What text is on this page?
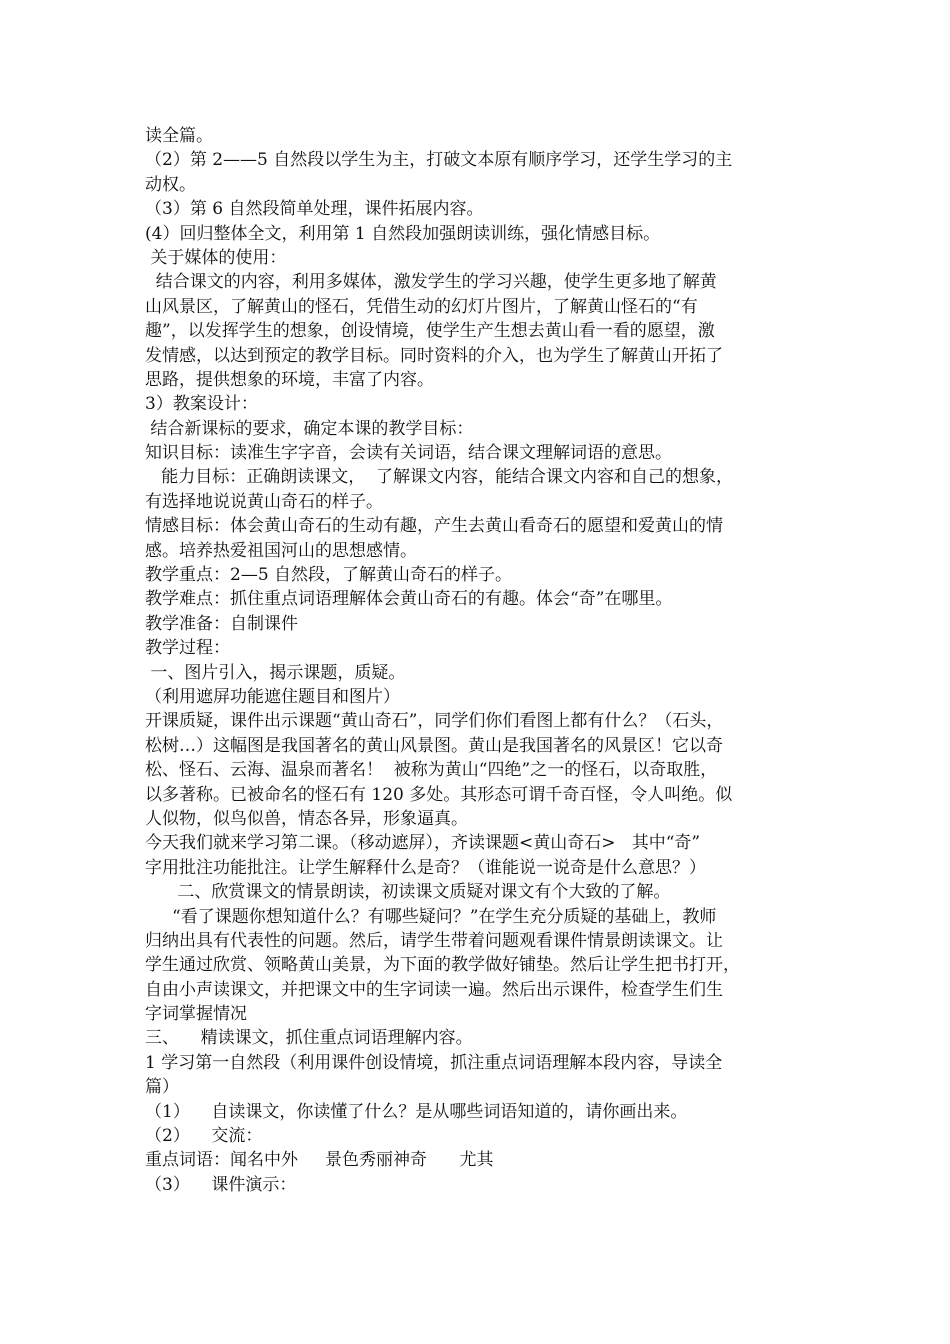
读全篇。
（2）第 2——5 自然段以学生为主，打破文本原有顺序学习，还学生学习的主
动权。
（3）第 6 自然段简单处理，课件拓展内容。
(4）回归整体全文，利用第 1 自然段加强朗读训练，强化情感目标。
关于媒体的使用：
结合课文的内容，利用多媒体，激发学生的学习兴趣，使学生更多地了解黄
山风景区，了解黄山的怪石，凭借生动的幻灯片图片，了解黄山怪石的“有
趣”，以发挥学生的想象，创设情境，使学生产生想去黄山看一看的愿望，激
发情感，以达到预定的教学目标。同时资料的介入，也为学生了解黄山开拓了
思路，提供想象的环境，丰富了内容。
3）教案设计：
结合新课标的要求，确定本课的教学目标：
知识目标：读准生字字音，会读有关词语，结合课文理解词语的意思。
能力目标：正确朗读课文，  了解课文内容，能结合课文内容和自己的想象，
有选择地说说黄山奇石的样子。
情感目标：体会黄山奇石的生动有趣，产生去黄山看奇石的愿望和爱黄山的情
感。培养热爱祖国河山的思想感情。
教学重点：2—5 自然段，了解黄山奇石的样子。
教学难点：抓住重点词语理解体会黄山奇石的有趣。体会“奇”在哪里。
教学准备：自制课件
教学过程：
一、图片引入，揭示课题，质疑。
（利用遮屏功能遮住题目和图片）
开课质疑，课件出示课题“黄山奇石”，同学们你们看图上都有什么？（石头，
松树…）这幅图是我国著名的黄山风景图。黄山是我国著名的风景区！它以奇
松、怪石、云海、温泉而著名！  被称为黄山“四绝”之一的怪石，以奇取胜，
以多著称。已被命名的怪石有 120 多处。其形态可谓千奇百怪，令人叫绝。似
人似物，似鸟似兽，情态各异，形象逼真。
今天我们就来学习第二课。（移动遮屏），齐读课题<黄山奇石>   其中“奇”
字用批注功能批注。让学生解释什么是奇？（谁能说一说奇是什么意思？）
二、欣赏课文的情景朗读，初读课文质疑对课文有个大致的了解。
“看了课题你想知道什么？有哪些疑问？”在学生充分质疑的基础上，教师
归纳出具有代表性的问题。然后，请学生带着问题观看课件情景朗读课文。让
学生通过欣赏、领略黄山美景，为下面的教学做好铺垫。然后让学生把书打开，
自由小声读课文，并把课文中的生字词读一遍。然后出示课件，检查学生们生
字词掌握情况
三、    精读课文，抓住重点词语理解内容。
1 学习第一自然段（利用课件创设情境，抓注重点词语理解本段内容，导读全
篇）
（1）    自读课文，你读懂了什么？是从哪些词语知道的，请你画出来。
（2）    交流：
重点词语：闻名中外     景色秀丽神奇      尤其
（3）    课件演示：
